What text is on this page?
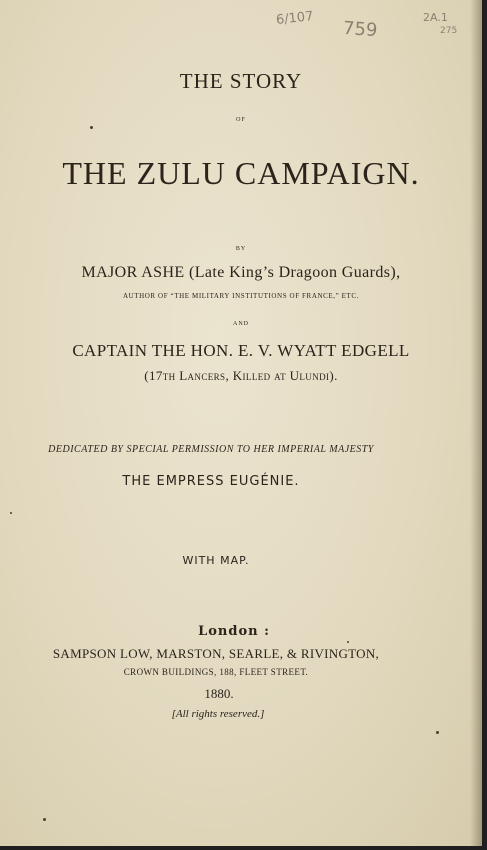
6/107 759
2A.1
275
THE STORY
OF
THE ZULU CAMPAIGN.
BY
MAJOR ASHE (Late King’s Dragoon Guards),
AUTHOR OF “THE MILITARY INSTITUTIONS OF FRANCE,” ETC.
AND
CAPTAIN THE HON. E. V. WYATT EDGELL
(17th Lancers, Killed at Ulundi).
DEDICATED BY SPECIAL PERMISSION TO HER IMPERIAL MAJESTY
THE EMPRESS EUGÉNIE.
WITH MAP.
London :
SAMPSON LOW, MARSTON, SEARLE, & RIVINGTON,
CROWN BUILDINGS, 188, FLEET STREET.
1880.
[All rights reserved.]
